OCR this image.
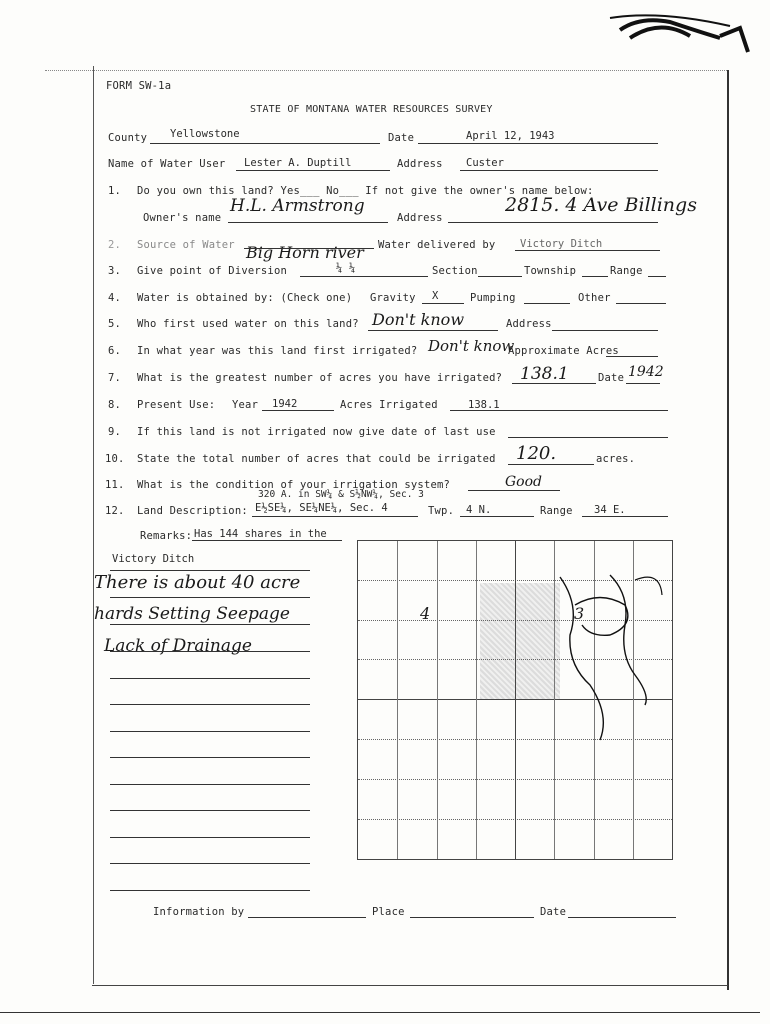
FORM SW-1a
STATE OF MONTANA WATER RESOURCES SURVEY
County Yellowstone	Date	April 12, 1943
Name of Water User Lester A. Duptill	Address Custer
1. Do you own this land? Yes___ No___ If not give the owner's name below:
Owner's name
H.L. Armstrong
Address
2815. 4 Ave Billings
2. Source of Water Big Horn river Water delivered by Victory Ditch
3. Give point of Diversion	¼ ¼	Section	Township	Range
4. Water is obtained by: (Check one) Gravity X	Pumping	Other
5. Who first used water on this land? Don't know	Address
6. In what year was this land first irrigated? Don't know
Approximate Acres
7. What is the greatest number of acres you have irrigated? 138.1	Date 1942
8. Present Use: Year 1942	Acres Irrigated	138.1
9. If this land is not irrigated now give date of last use
10. State the total number of acres that could be irrigated 120.	acres.
11. What is the condition of your irrigation system?	Good
12. Land Description:
320 A. in SW¼ & S½NW¼, Sec. 3
E½SE¼, SE¼NE¼, Sec. 4	Twp. 4 N.	Range 34 E.
Remarks: Has 144 shares in the
Victory Ditch
There is about 40 acre
hards Setting Seepage
Lack of Drainage
4	3
Information by	Place	Date
